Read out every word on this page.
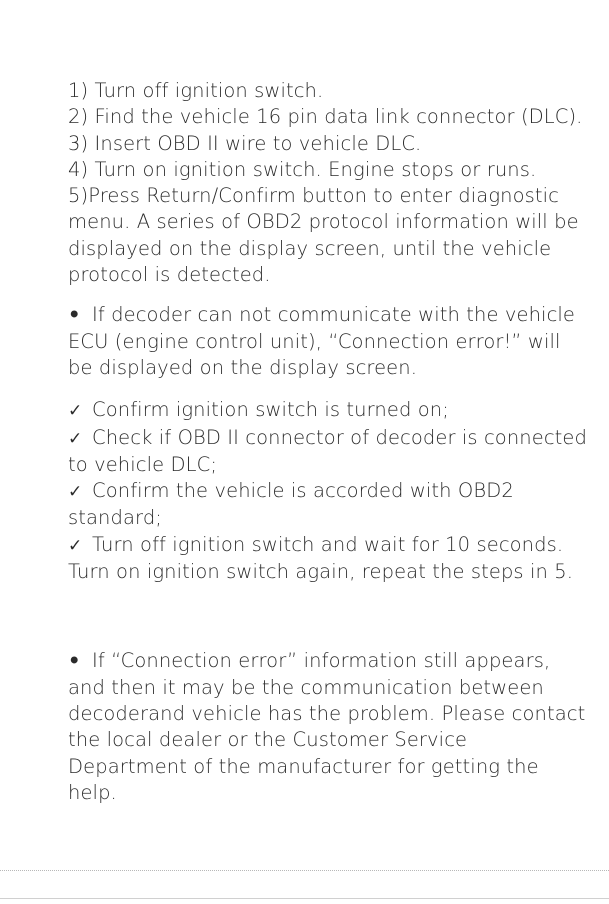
1) Turn off ignition switch.

2) Find the vehicle 16 pin data link connector (DLC).

3) Insert OBD II wire to vehicle DLC.

4) Turn on ignition switch. Engine stops or runs.

5)Press Return/Confirm button to enter diagnostic menu. A series of OBD2 protocol information will be displayed on the display screen, until the vehicle protocol is detected.

• If decoder can not communicate with the vehicle ECU (engine control unit), “Connection error!” will be displayed on the display screen.

✓ Confirm ignition switch is turned on;

✓ Check if OBD II connector of decoder is connected to vehicle DLC;

✓ Confirm the vehicle is accorded with OBD2 standard;

✓ Turn off ignition switch and wait for 10 seconds. Turn on ignition switch again, repeat the steps in 5.

• If “Connection error” information still appears, and then it may be the communication between decoderand vehicle has the problem. Please contact the local dealer or the Customer Service Department of the manufacturer for getting the help.
